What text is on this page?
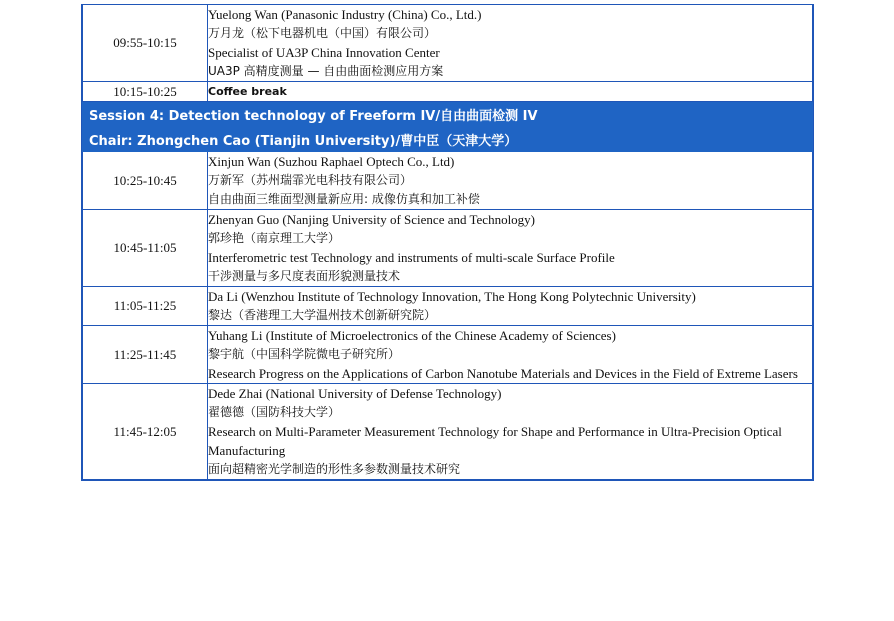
09:55-10:15	Yuelong Wan (Panasonic Industry (China) Co., Ltd.)
万月龙（松下电器机电（中国）有限公司）
Specialist of UA3P China Innovation Center
UA3P 高精度测量 — 自由曲面检测应用方案

10:15-10:25	Coffee break

Session 4: Detection technology of Freeform IV/自由曲面检测 IV	
Chair: Zhongchen Cao (Tianjin University)/曹中臣（天津大学）	
10:25-10:45	Xinjun Wan (Suzhou Raphael Optech Co., Ltd)
万新军（苏州瑞霏光电科技有限公司）
自由曲面三维面型测量新应用: 成像仿真和加工补偿

10:45-11:05	Zhenyan Guo (Nanjing University of Science and Technology)
郭珍艳（南京理工大学）
Interferometric test Technology and instruments of multi-scale Surface Profile
干涉测量与多尺度表面形貌测量技术

11:05-11:25	Da Li (Wenzhou Institute of Technology Innovation, The Hong Kong Polytechnic University)
黎达（香港理工大学温州技术创新研究院）

11:25-11:45	Yuhang Li (Institute of Microelectronics of the Chinese Academy of Sciences)
黎宇航（中国科学院微电子研究所）
Research Progress on the Applications of Carbon Nanotube Materials and Devices in the Field of Extreme Lasers

11:45-12:05	Dede Zhai (National University of Defense Technology)
翟德德（国防科技大学）
Research on Multi-Parameter Measurement Technology for Shape and Performance in Ultra-Precision Optical Manufacturing
面向超精密光学制造的形性多参数测量技术研究
